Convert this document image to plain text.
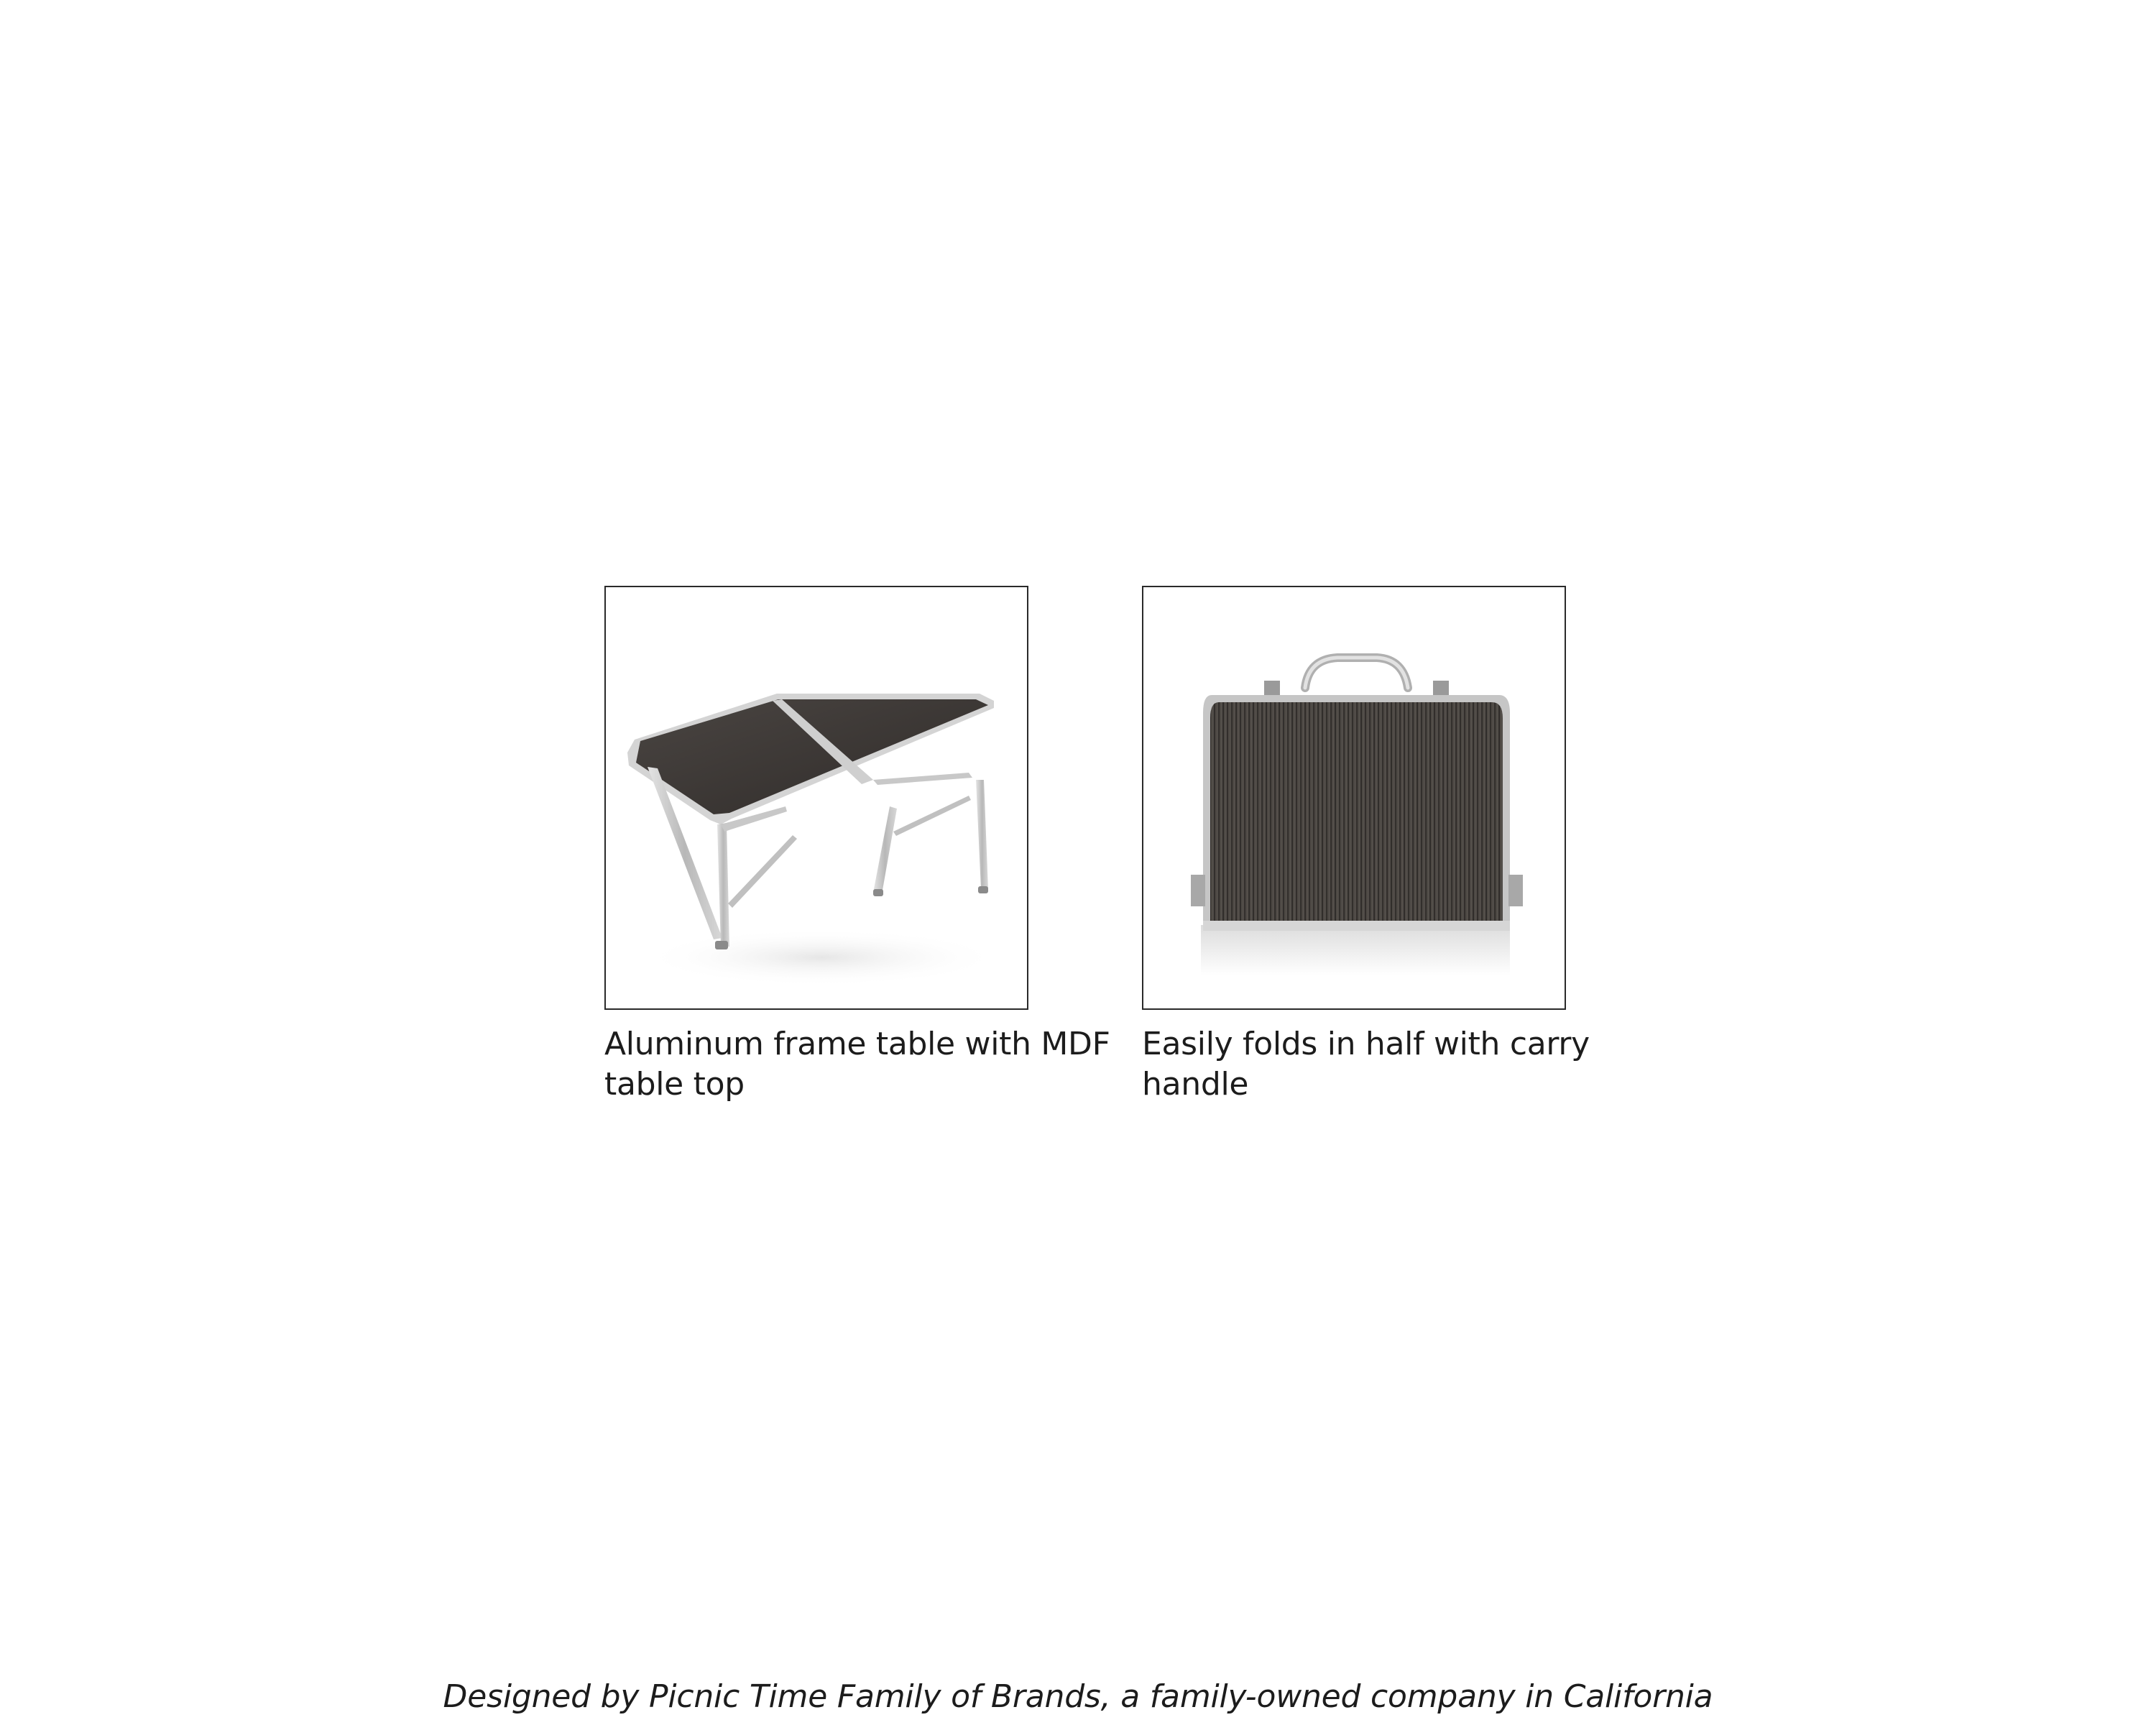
Aluminum frame table with MDF table top
Easily folds in half with carry handle
Designed by Picnic Time Family of Brands, a family-owned company in California
